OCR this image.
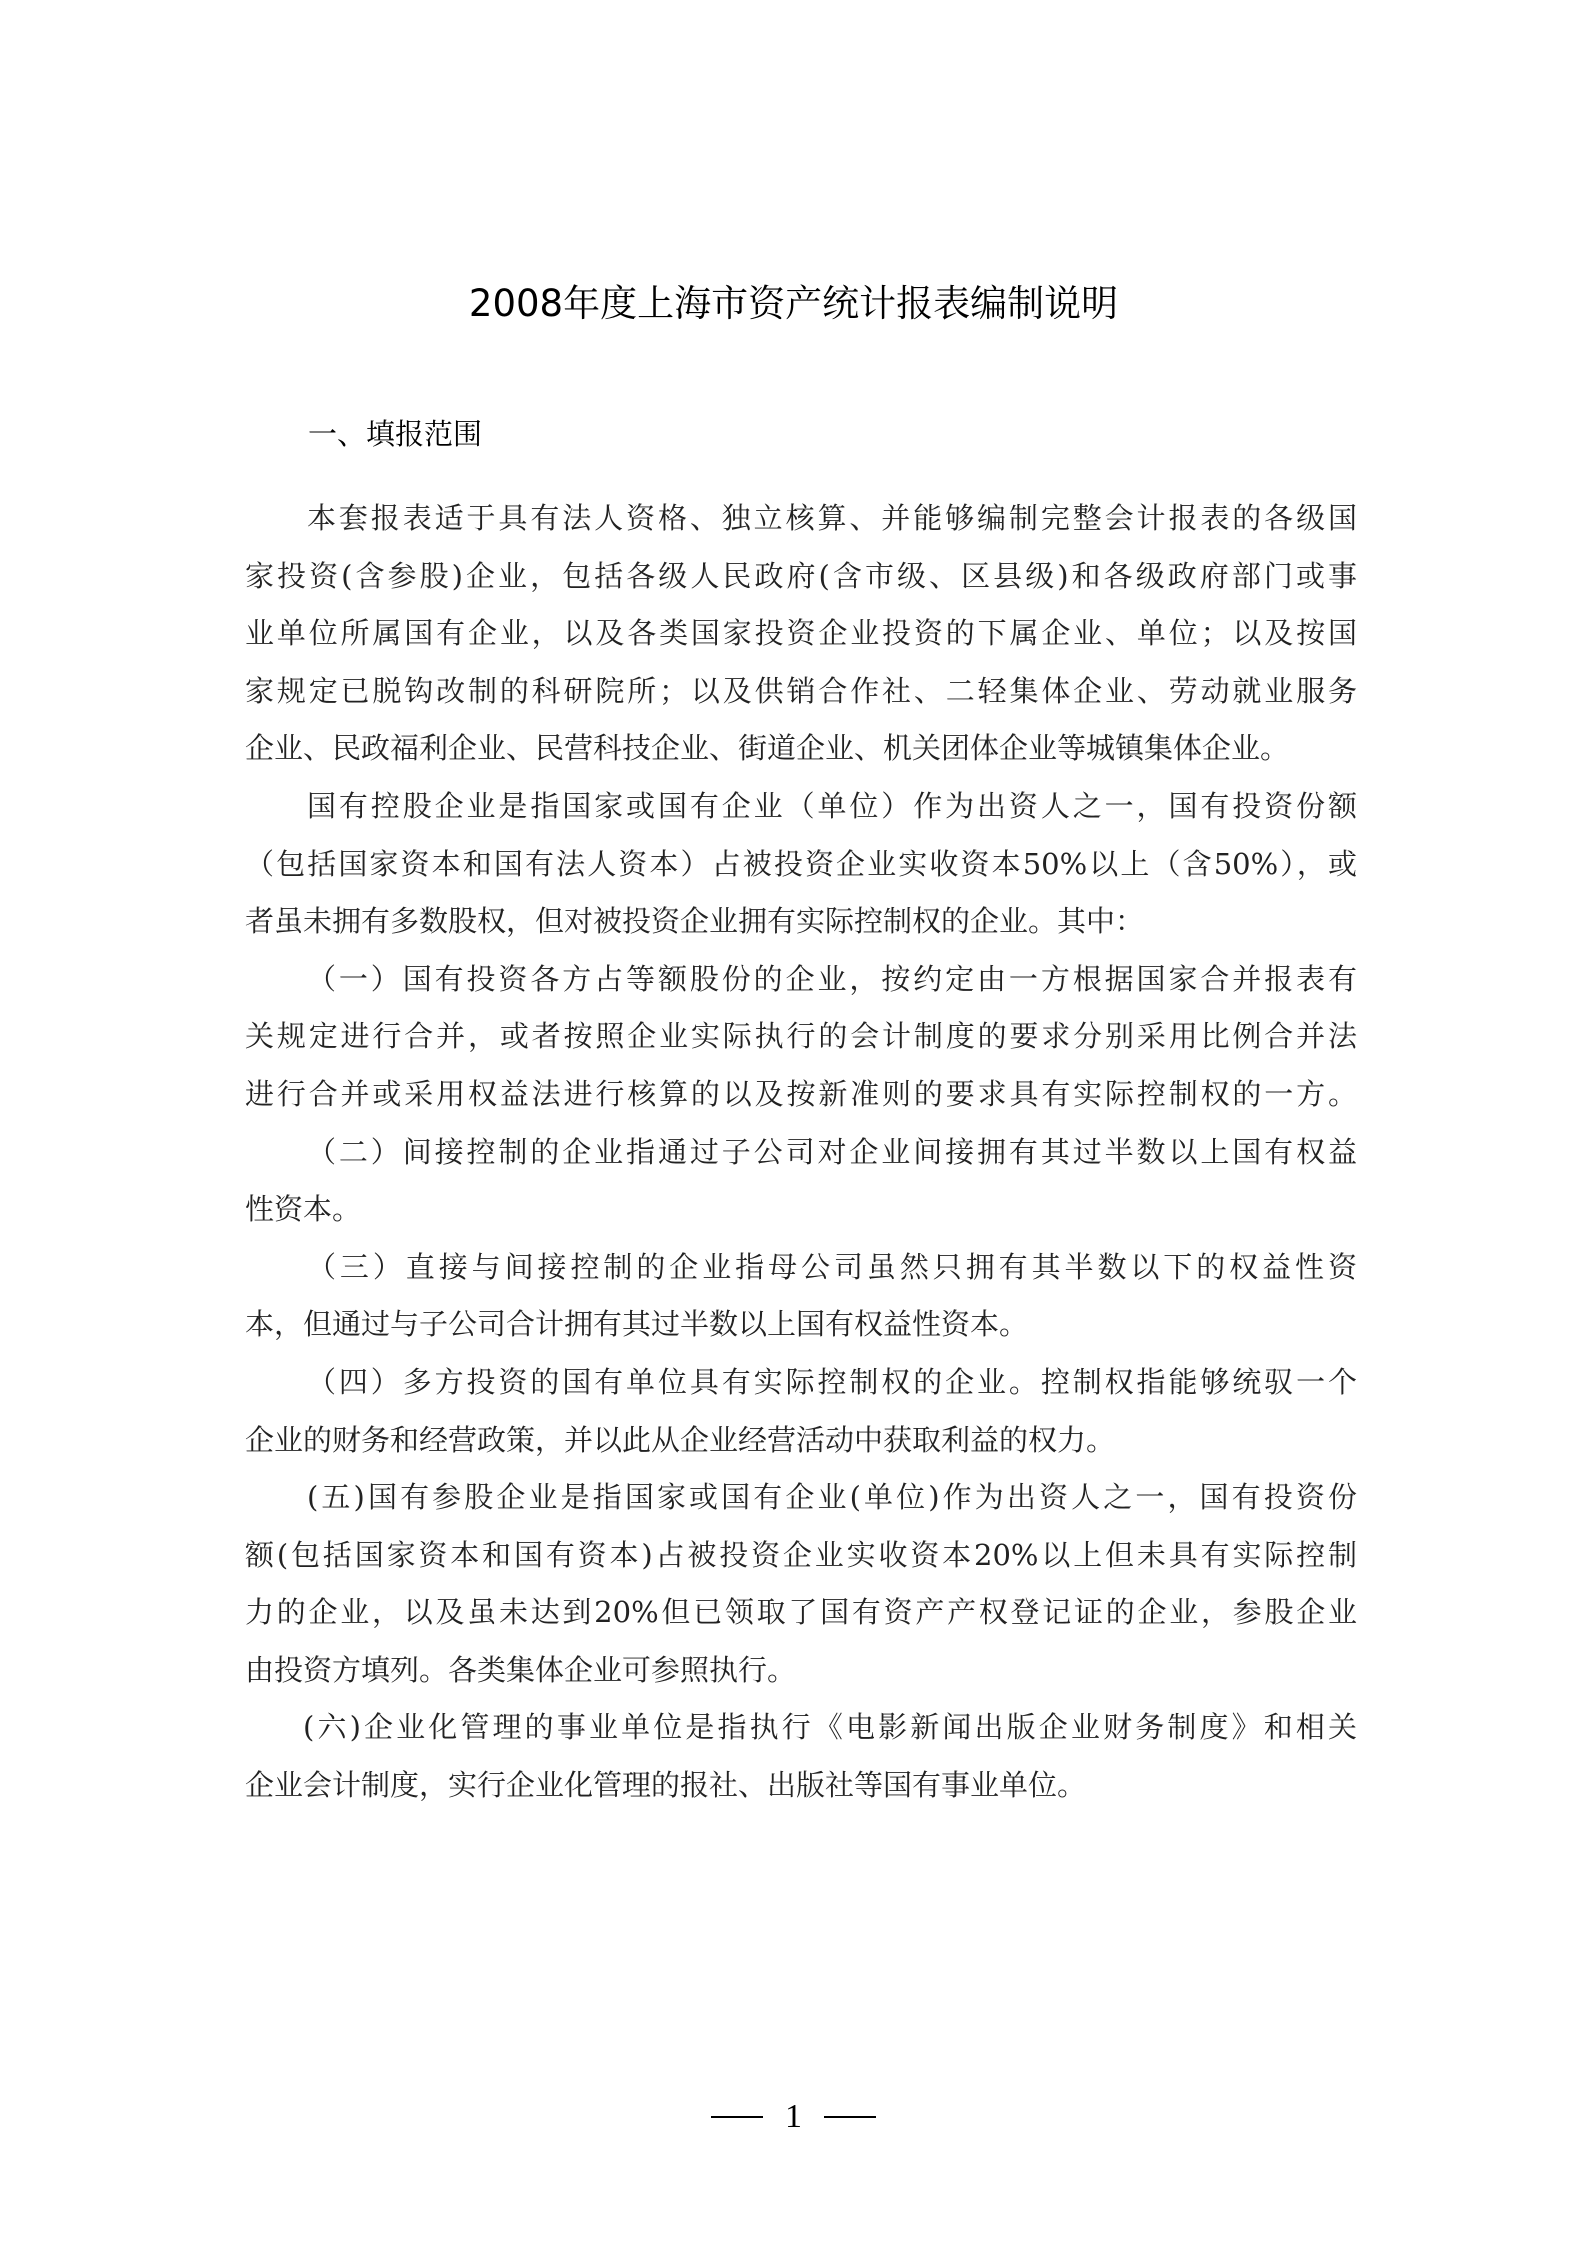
2008年度上海市资产统计报表编制说明
一、填报范围
本套报表适于具有法人资格、独立核算、并能够编制完整会计报表的各级国
家投资(含参股)企业，包括各级人民政府(含市级、区县级)和各级政府部门或事
业单位所属国有企业，以及各类国家投资企业投资的下属企业、单位；以及按国
家规定已脱钩改制的科研院所；以及供销合作社、二轻集体企业、劳动就业服务
企业、民政福利企业、民营科技企业、街道企业、机关团体企业等城镇集体企业。
国有控股企业是指国家或国有企业（单位）作为出资人之一，国有投资份额
（包括国家资本和国有法人资本）占被投资企业实收资本50%以上（含50%），或
者虽未拥有多数股权，但对被投资企业拥有实际控制权的企业。其中：
（一）国有投资各方占等额股份的企业，按约定由一方根据国家合并报表有
关规定进行合并，或者按照企业实际执行的会计制度的要求分别采用比例合并法
进行合并或采用权益法进行核算的以及按新准则的要求具有实际控制权的一方。
（二）间接控制的企业指通过子公司对企业间接拥有其过半数以上国有权益
性资本。
（三）直接与间接控制的企业指母公司虽然只拥有其半数以下的权益性资
本，但通过与子公司合计拥有其过半数以上国有权益性资本。
（四）多方投资的国有单位具有实际控制权的企业。控制权指能够统驭一个
企业的财务和经营政策，并以此从企业经营活动中获取利益的权力。
(五)国有参股企业是指国家或国有企业(单位)作为出资人之一，国有投资份
额(包括国家资本和国有资本)占被投资企业实收资本20%以上但未具有实际控制
力的企业，以及虽未达到20%但已领取了国有资产产权登记证的企业，参股企业
由投资方填列。各类集体企业可参照执行。
(六)企业化管理的事业单位是指执行《电影新闻出版企业财务制度》和相关
企业会计制度，实行企业化管理的报社、出版社等国有事业单位。
1
